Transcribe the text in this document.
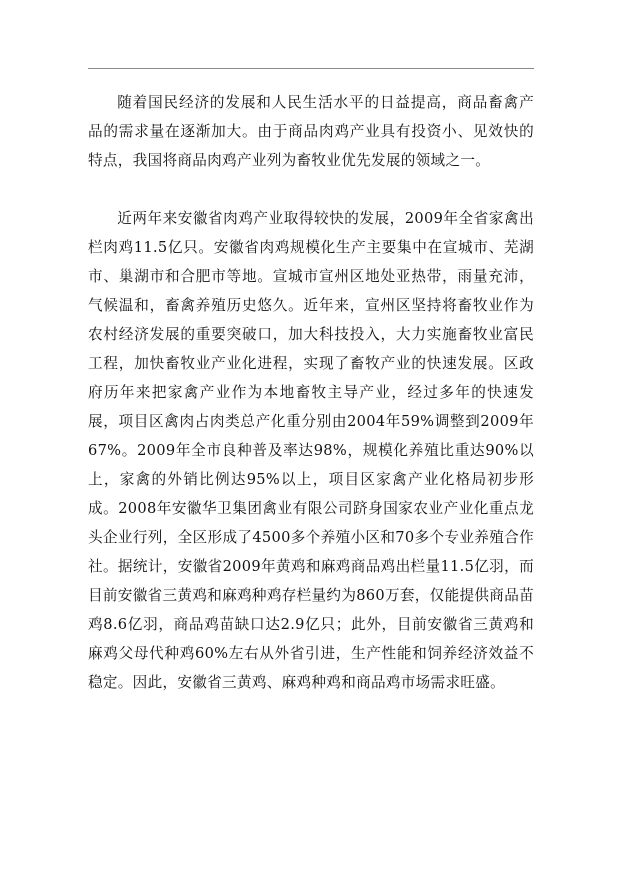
随着国民经济的发展和人民生活水平的日益提高，商品畜禽产品的需求量在逐渐加大。由于商品肉鸡产业具有投资小、见效快的特点，我国将商品肉鸡产业列为畜牧业优先发展的领域之一。

近两年来安徽省肉鸡产业取得较快的发展，2009年全省家禽出栏肉鸡11.5亿只。安徽省肉鸡规模化生产主要集中在宣城市、芜湖市、巢湖市和合肥市等地。宣城市宣州区地处亚热带，雨量充沛，气候温和，畜禽养殖历史悠久。近年来，宣州区坚持将畜牧业作为农村经济发展的重要突破口，加大科技投入，大力实施畜牧业富民工程，加快畜牧业产业化进程，实现了畜牧产业的快速发展。区政府历年来把家禽产业作为本地畜牧主导产业，经过多年的快速发展，项目区禽肉占肉类总产化重分别由2004年59%调整到2009年67%。2009年全市良种普及率达98%，规模化养殖比重达90%以上，家禽的外销比例达95%以上，项目区家禽产业化格局初步形成。2008年安徽华卫集团禽业有限公司跻身国家农业产业化重点龙头企业行列，全区形成了4500多个养殖小区和70多个专业养殖合作社。据统计，安徽省2009年黄鸡和麻鸡商品鸡出栏量11.5亿羽，而目前安徽省三黄鸡和麻鸡种鸡存栏量约为860万套，仅能提供商品苗鸡8.6亿羽，商品鸡苗缺口达2.9亿只；此外，目前安徽省三黄鸡和麻鸡父母代种鸡60%左右从外省引进，生产性能和饲养经济效益不稳定。因此，安徽省三黄鸡、麻鸡种鸡和商品鸡市场需求旺盛。
